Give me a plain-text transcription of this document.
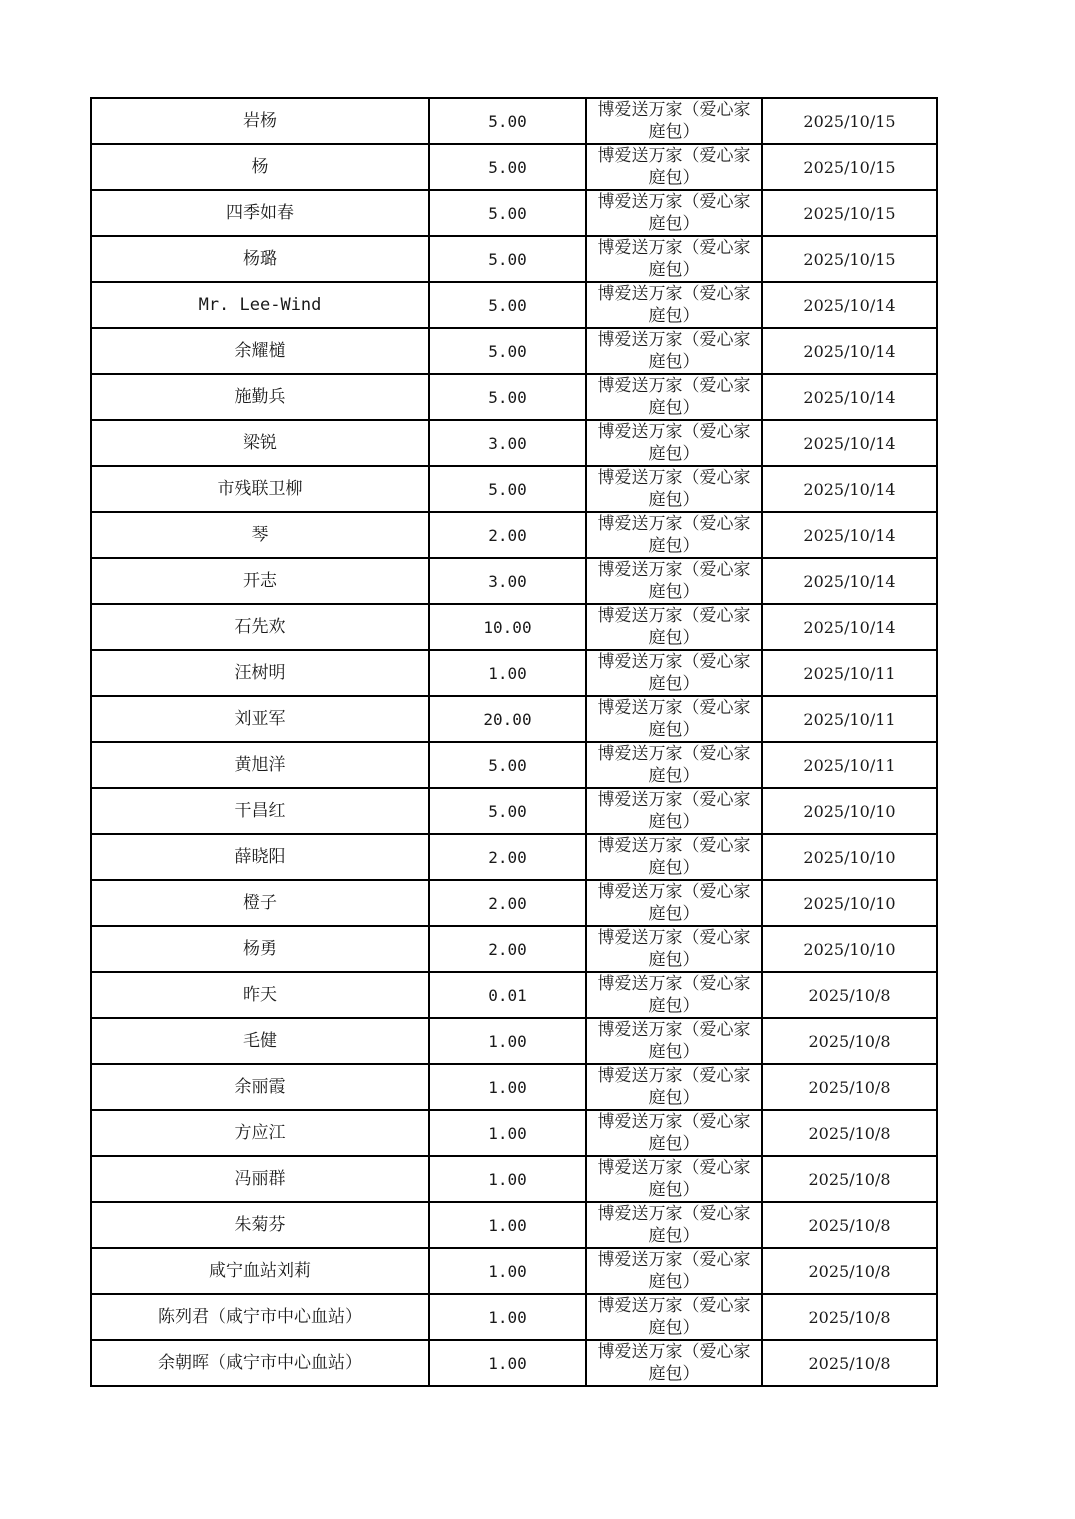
岩杨	5.00	博爱送万家（爱心家庭包）	2025/10/15
杨	5.00	博爱送万家（爱心家庭包）	2025/10/15
四季如春	5.00	博爱送万家（爱心家庭包）	2025/10/15
杨璐	5.00	博爱送万家（爱心家庭包）	2025/10/15
Mr. Lee-Wind	5.00	博爱送万家（爱心家庭包）	2025/10/14
余耀檤	5.00	博爱送万家（爱心家庭包）	2025/10/14
施勤兵	5.00	博爱送万家（爱心家庭包）	2025/10/14
梁锐	3.00	博爱送万家（爱心家庭包）	2025/10/14
市残联卫柳	5.00	博爱送万家（爱心家庭包）	2025/10/14
琴	2.00	博爱送万家（爱心家庭包）	2025/10/14
开志	3.00	博爱送万家（爱心家庭包）	2025/10/14
石先欢	10.00	博爱送万家（爱心家庭包）	2025/10/14
汪树明	1.00	博爱送万家（爱心家庭包）	2025/10/11
刘亚军	20.00	博爱送万家（爱心家庭包）	2025/10/11
黄旭洋	5.00	博爱送万家（爱心家庭包）	2025/10/11
干昌红	5.00	博爱送万家（爱心家庭包）	2025/10/10
薛晓阳	2.00	博爱送万家（爱心家庭包）	2025/10/10
橙子	2.00	博爱送万家（爱心家庭包）	2025/10/10
杨勇	2.00	博爱送万家（爱心家庭包）	2025/10/10
昨天	0.01	博爱送万家（爱心家庭包）	2025/10/8
毛健	1.00	博爱送万家（爱心家庭包）	2025/10/8
余丽霞	1.00	博爱送万家（爱心家庭包）	2025/10/8
方应江	1.00	博爱送万家（爱心家庭包）	2025/10/8
冯丽群	1.00	博爱送万家（爱心家庭包）	2025/10/8
朱菊芬	1.00	博爱送万家（爱心家庭包）	2025/10/8
咸宁血站刘莉	1.00	博爱送万家（爱心家庭包）	2025/10/8
陈列君（咸宁市中心血站）	1.00	博爱送万家（爱心家庭包）	2025/10/8
余朝晖（咸宁市中心血站）	1.00	博爱送万家（爱心家庭包）	2025/10/8
